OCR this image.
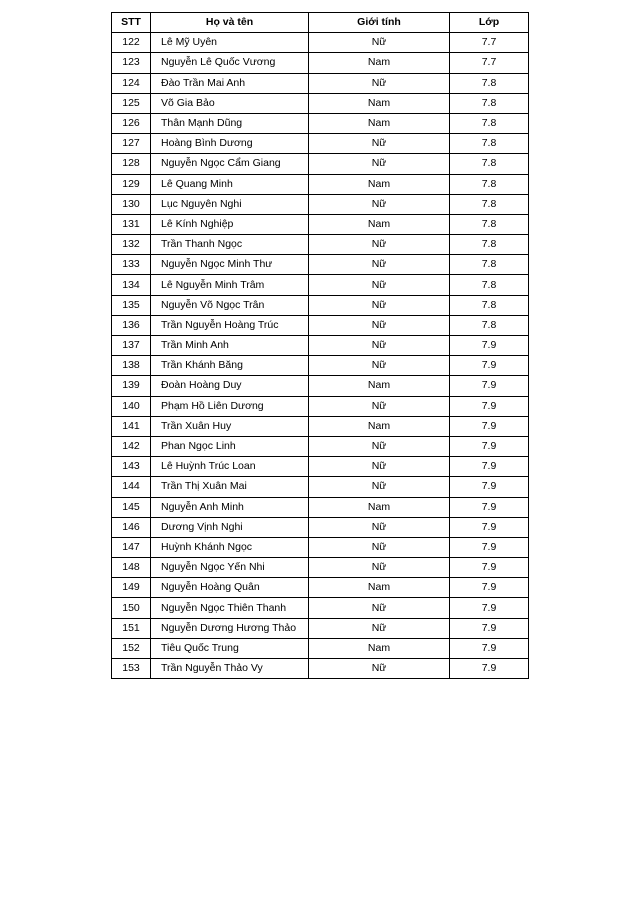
STT	Họ và tên	Giới tính	Lớp
122	Lê Mỹ Uyên	Nữ	7.7
123	Nguyễn Lê Quốc Vương	Nam	7.7
124	Đào Trần Mai Anh	Nữ	7.8
125	Võ Gia Bảo	Nam	7.8
126	Thân Mạnh Dũng	Nam	7.8
127	Hoàng Bình Dương	Nữ	7.8
128	Nguyễn Ngọc Cẩm Giang	Nữ	7.8
129	Lê Quang Minh	Nam	7.8
130	Lục Nguyên Nghi	Nữ	7.8
131	Lê Kính Nghiệp	Nam	7.8
132	Trần Thanh Ngọc	Nữ	7.8
133	Nguyễn Ngọc Minh Thư	Nữ	7.8
134	Lê Nguyễn Minh Trâm	Nữ	7.8
135	Nguyễn Võ Ngọc Trân	Nữ	7.8
136	Trần Nguyễn Hoàng Trúc	Nữ	7.8
137	Trần Minh Anh	Nữ	7.9
138	Trần Khánh Băng	Nữ	7.9
139	Đoàn Hoàng Duy	Nam	7.9
140	Phạm Hồ Liên Dương	Nữ	7.9
141	Trần Xuân Huy	Nam	7.9
142	Phan Ngọc Linh	Nữ	7.9
143	Lê Huỳnh Trúc Loan	Nữ	7.9
144	Trần Thị Xuân Mai	Nữ	7.9
145	Nguyễn Anh Minh	Nam	7.9
146	Dương Vịnh Nghi	Nữ	7.9
147	Huỳnh Khánh Ngọc	Nữ	7.9
148	Nguyễn Ngọc Yến Nhi	Nữ	7.9
149	Nguyễn Hoàng Quân	Nam	7.9
150	Nguyễn Ngọc Thiên Thanh	Nữ	7.9
151	Nguyễn Dương Hương Thảo	Nữ	7.9
152	Tiêu Quốc Trung	Nam	7.9
153	Trần Nguyễn Thảo Vy	Nữ	7.9
